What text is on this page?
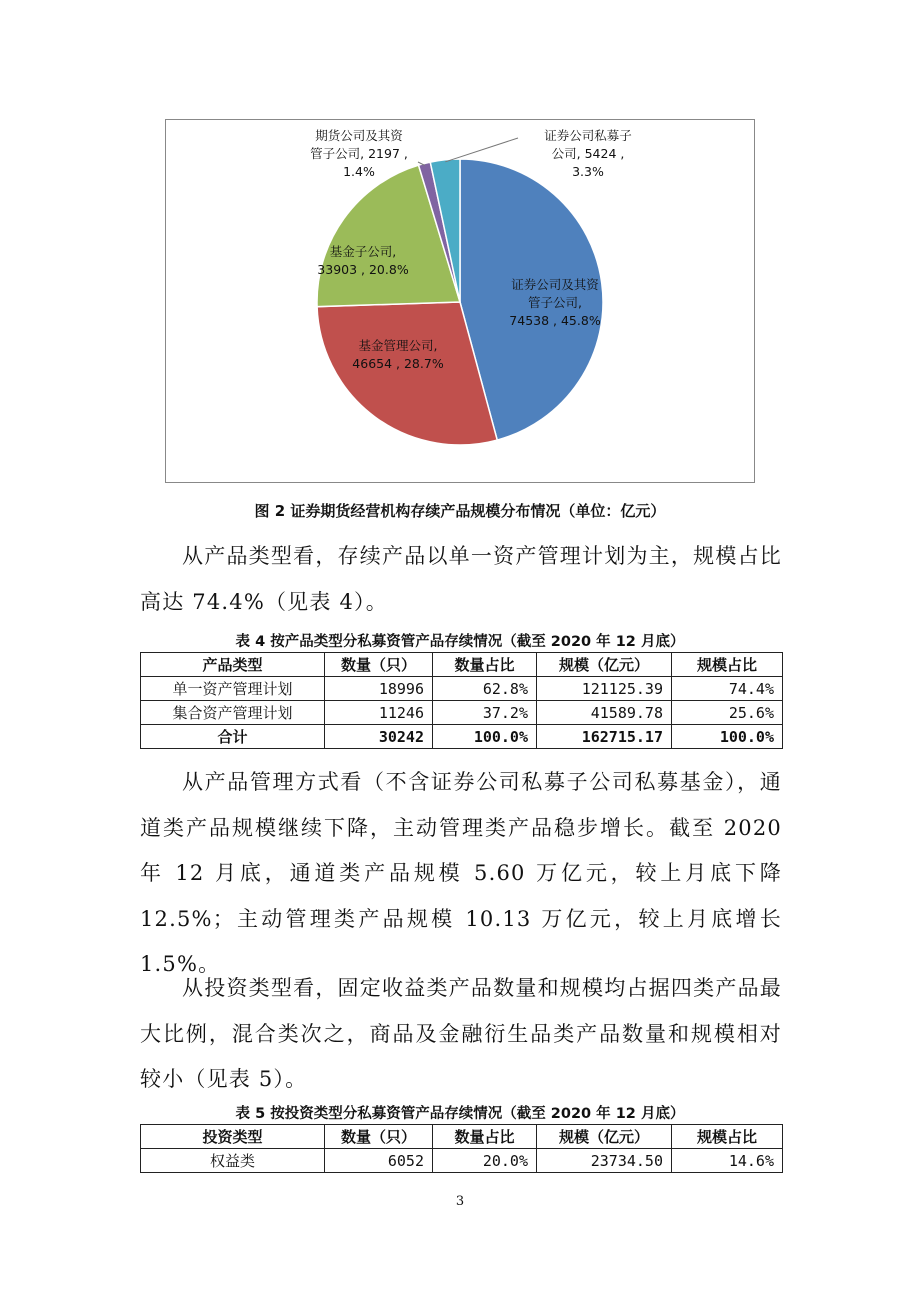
证券公司及其资管子公司, 74538 , 45.8%
基金管理公司, 46654 , 28.7%
基金子公司, 33903 , 20.8%
期货公司及其资管子公司, 2197 , 1.4%
证券公司私募子公司, 5424 , 3.3%
图 2 证券期货经营机构存续产品规模分布情况（单位：亿元）

从产品类型看，存续产品以单一资产管理计划为主，规模占比高达 74.4%（见表 4）。

表 4 按产品类型分私募资管产品存续情况（截至 2020 年 12 月底）
产品类型	数量（只）	数量占比	规模（亿元）	规模占比
单一资产管理计划	18996	62.8%	121125.39	74.4%
集合资产管理计划	11246	37.2%	41589.78	25.6%
合计	30242	100.0%	162715.17	100.0%

从产品管理方式看（不含证券公司私募子公司私募基金），通道类产品规模继续下降，主动管理类产品稳步增长。截至 2020 年 12 月底，通道类产品规模 5.60 万亿元，较上月底下降 12.5%；主动管理类产品规模 10.13 万亿元，较上月底增长 1.5%。

从投资类型看，固定收益类产品数量和规模均占据四类产品最大比例，混合类次之，商品及金融衍生品类产品数量和规模相对较小（见表 5）。

表 5 按投资类型分私募资管产品存续情况（截至 2020 年 12 月底）
投资类型	数量（只）	数量占比	规模（亿元）	规模占比
权益类	6052	20.0%	23734.50	14.6%
3
